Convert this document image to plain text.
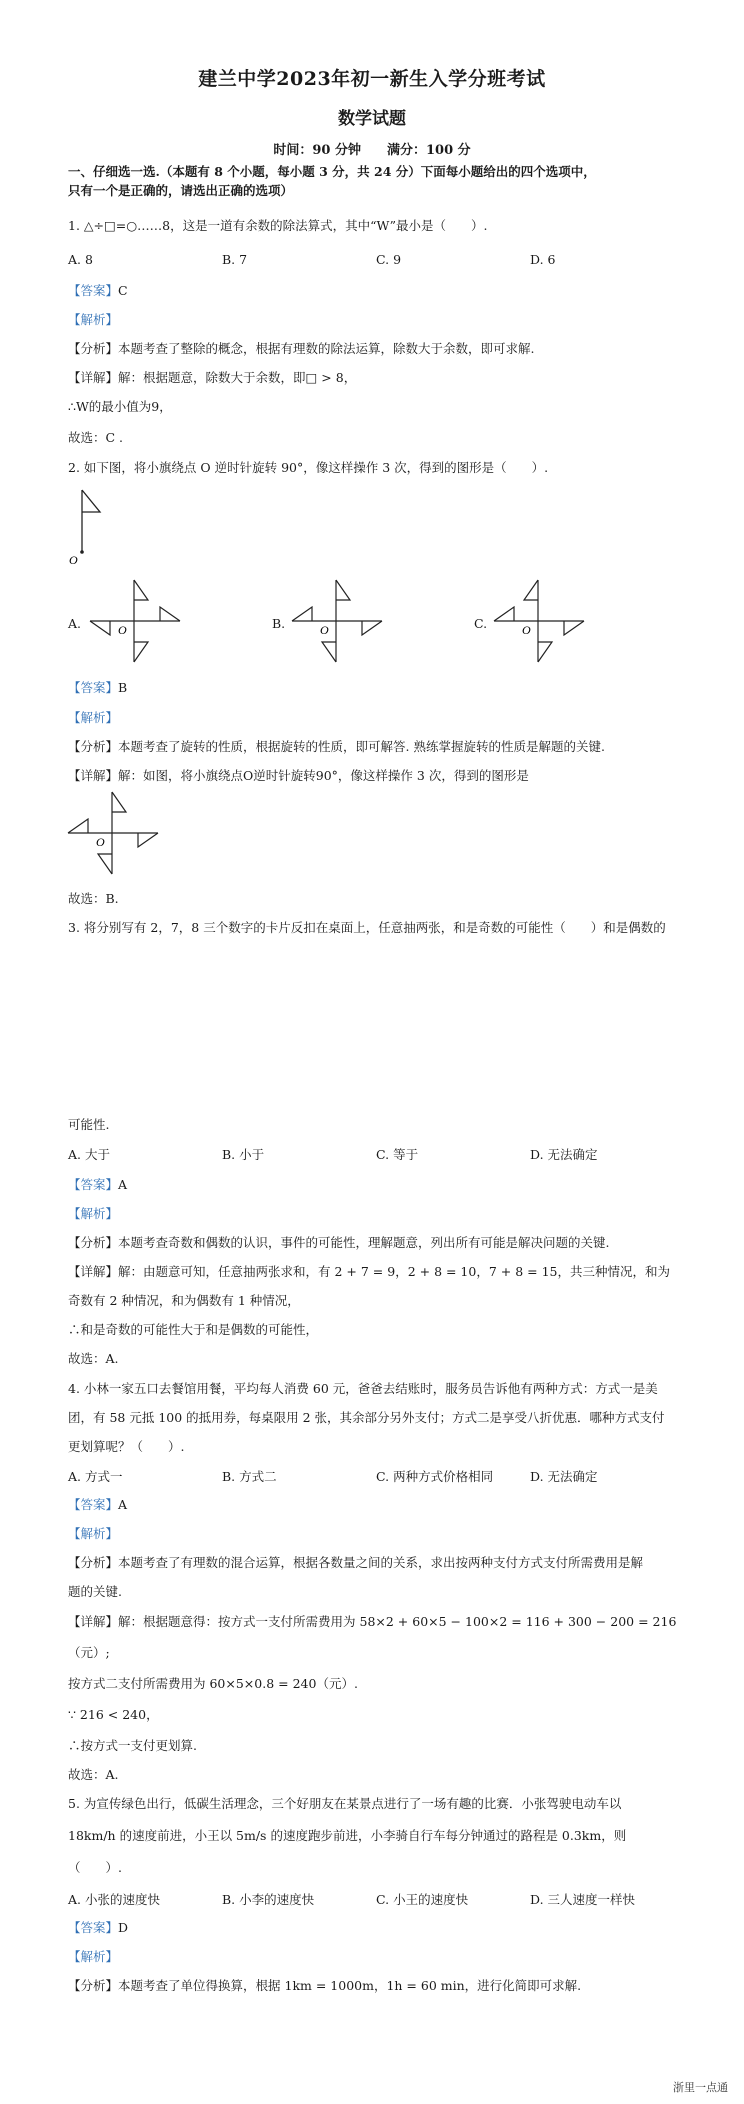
建兰中学2023年初一新生入学分班考试
数学试题
时间：90 分钟　　满分：100 分
一、仔细选一选.（本题有 8 个小题，每小题 3 分，共 24 分）下面每小题给出的四个选项中，
只有一个是正确的，请选出正确的选项）
1. △÷□=○……8，这是一道有余数的除法算式，其中“W”最小是（　　）.
A. 8	B. 7	C. 9	D. 6
【答案】C
【解析】
【分析】本题考查了整除的概念，根据有理数的除法运算，除数大于余数，即可求解.
【详解】解：根据题意，除数大于余数，即□ > 8，
∴W的最小值为9，
故选：C .
2. 如下图，将小旗绕点 O 逆时针旋转 90°，像这样操作 3 次，得到的图形是（　　）.
O
A.	O	B.	O	C.	O
【答案】B
【解析】
【分析】本题考查了旋转的性质，根据旋转的性质，即可解答. 熟练掌握旋转的性质是解题的关键.
【详解】解：如图，将小旗绕点O逆时针旋转90°，像这样操作 3 次，得到的图形是
O
故选：B.
3. 将分别写有 2，7，8 三个数字的卡片反扣在桌面上，任意抽两张，和是奇数的可能性（　　）和是偶数的
可能性.
A. 大于	B. 小于	C. 等于	D. 无法确定
【答案】A
【解析】
【分析】本题考查奇数和偶数的认识，事件的可能性，理解题意，列出所有可能是解决问题的关键.
【详解】解：由题意可知，任意抽两张求和，有 2 + 7 = 9，2 + 8 = 10，7 + 8 = 15，共三种情况，和为
奇数有 2 种情况，和为偶数有 1 种情况，
∴和是奇数的可能性大于和是偶数的可能性，
故选：A.
4. 小林一家五口去餐馆用餐，平均每人消费 60 元，爸爸去结账时，服务员告诉他有两种方式：方式一是美
团，有 58 元抵 100 的抵用券，每桌限用 2 张，其余部分另外支付；方式二是享受八折优惠．哪种方式支付
更划算呢？（　　）.
A. 方式一	B. 方式二	C. 两种方式价格相同	D. 无法确定
【答案】A
【解析】
【分析】本题考查了有理数的混合运算，根据各数量之间的关系，求出按两种支付方式支付所需费用是解
题的关键.
【详解】解：根据题意得：按方式一支付所需费用为 58×2 + 60×5 − 100×2 = 116 + 300 − 200 = 216
（元）;
按方式二支付所需费用为 60×5×0.8 = 240（元）.
∵ 216 < 240，
∴按方式一支付更划算.
故选：A.
5. 为宣传绿色出行，低碳生活理念，三个好朋友在某景点进行了一场有趣的比赛．小张驾驶电动车以
18km/h 的速度前进，小王以 5m/s 的速度跑步前进，小李骑自行车每分钟通过的路程是 0.3km，则
（　　）.
A. 小张的速度快	B. 小李的速度快	C. 小王的速度快	D. 三人速度一样快
【答案】D
【解析】
【分析】本题考查了单位得换算，根据 1km = 1000m，1h = 60 min，进行化简即可求解.
浙里一点通
